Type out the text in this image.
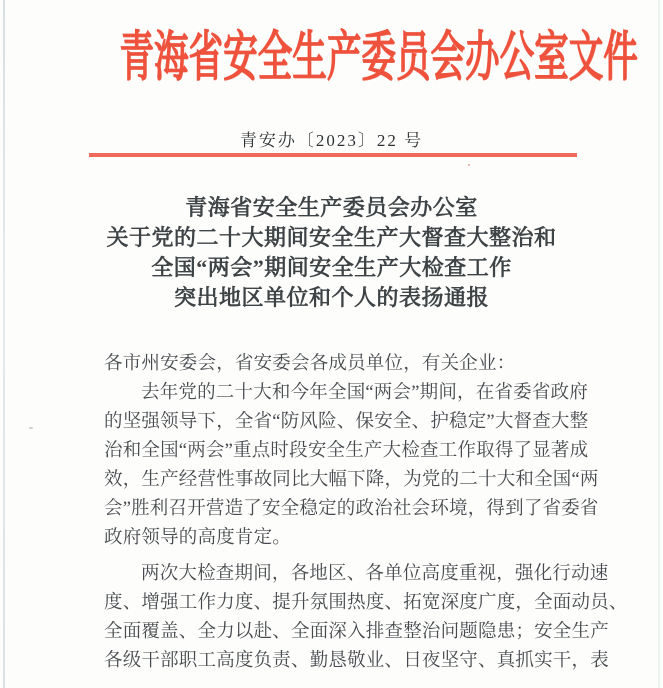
青海省安全生产委员会办公室文件
青安办〔2023〕22 号
青海省安全生产委员会办公室
关于党的二十大期间安全生产大督查大整治和
全国“两会”期间安全生产大检查工作
突出地区单位和个人的表扬通报
各市州安委会，省安委会各成员单位，有关企业：
去年党的二十大和今年全国“两会”期间，在省委省政府
的坚强领导下，全省“防风险、保安全、护稳定”大督查大整
治和全国“两会”重点时段安全生产大检查工作取得了显著成
效，生产经营性事故同比大幅下降，为党的二十大和全国“两
会”胜利召开营造了安全稳定的政治社会环境，得到了省委省
政府领导的高度肯定。
两次大检查期间，各地区、各单位高度重视，强化行动速
度、增强工作力度、提升氛围热度、拓宽深度广度，全面动员、
全面覆盖、全力以赴、全面深入排查整治问题隐患；安全生产
各级干部职工高度负责、勤恳敬业、日夜坚守、真抓实干，表
